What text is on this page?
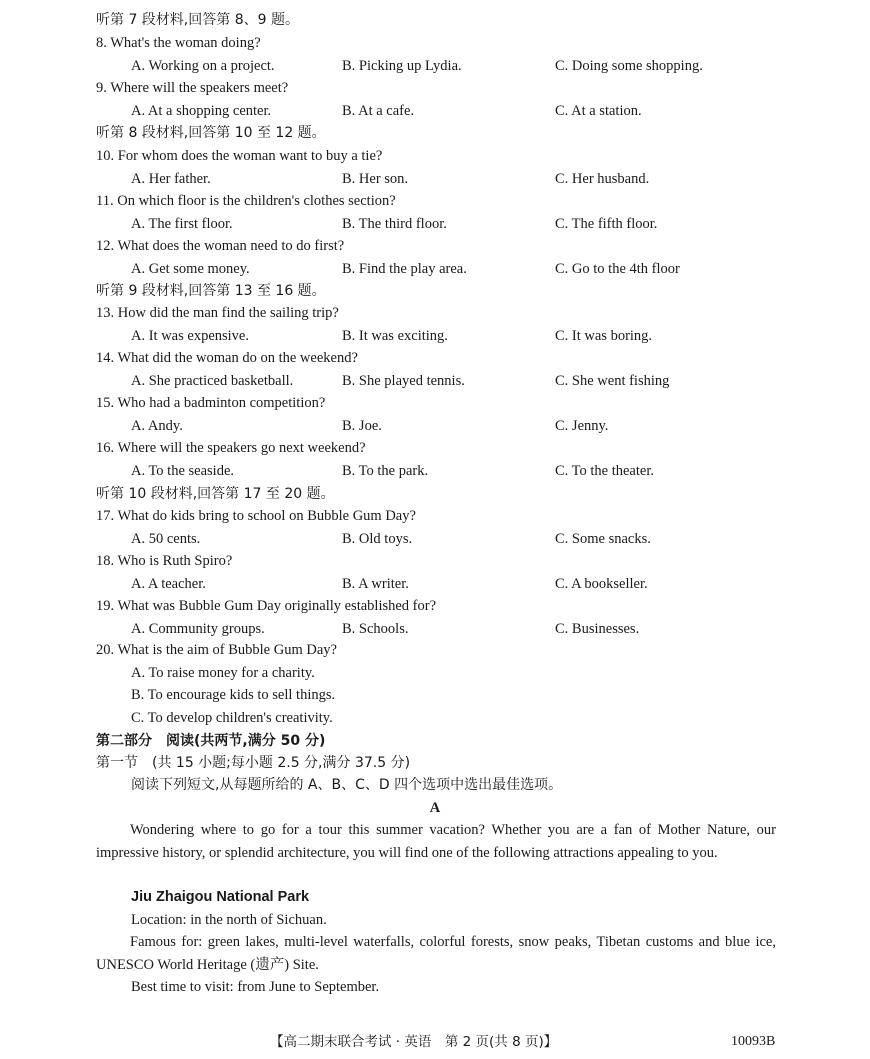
听第 7 段材料,回答第 8、9 题。
听第 8 段材料,回答第 10 至 12 题。
听第 9 段材料,回答第 13 至 16 题。
听第 10 段材料,回答第 17 至 20 题。
20. What is the aim of Bubble Gum Day?
A. To raise money for a charity.
B. To encourage kids to sell things.
C. To develop children's creativity.
第二部分　阅读(共两节,满分 50 分)
第一节　(共 15 小题;每小题 2.5 分,满分 37.5 分)
阅读下列短文,从每题所给的 A、B、C、D 四个选项中选出最佳选项。
A
Wondering where to go for a tour this summer vacation? Whether you are a fan of Mother Nature, our impressive history, or splendid architecture, you will find one of the following attractions appealing to you.
Jiu Zhaigou National Park
Location: in the north of Sichuan.
Famous for: green lakes, multi-level waterfalls, colorful forests, snow peaks, Tibetan customs and blue ice, UNESCO World Heritage (遗产) Site.
Best time to visit: from June to September.
【高二期末联合考试 · 英语　第 2 页(共 8 页)】	10093B
8. What's the woman doing?
A. Working on a project.	B. Picking up Lydia.	C. Doing some shopping.
9. Where will the speakers meet?
A. At a shopping center.	B. At a cafe.	C. At a station.
10. For whom does the woman want to buy a tie?
A. Her father.	B. Her son.	C. Her husband.
11. On which floor is the children's clothes section?
A. The first floor.	B. The third floor.	C. The fifth floor.
12. What does the woman need to do first?
A. Get some money.	B. Find the play area.	C. Go to the 4th floor
13. How did the man find the sailing trip?
A. It was expensive.	B. It was exciting.	C. It was boring.
14. What did the woman do on the weekend?
A. She practiced basketball.	B. She played tennis.	C. She went fishing
15. Who had a badminton competition?
A. Andy.	B. Joe.	C. Jenny.
16. Where will the speakers go next weekend?
A. To the seaside.	B. To the park.	C. To the theater.
17. What do kids bring to school on Bubble Gum Day?
A. 50 cents.	B. Old toys.	C. Some snacks.
18. Who is Ruth Spiro?
A. A teacher.	B. A writer.	C. A bookseller.
19. What was Bubble Gum Day originally established for?
A. Community groups.	B. Schools.	C. Businesses.
